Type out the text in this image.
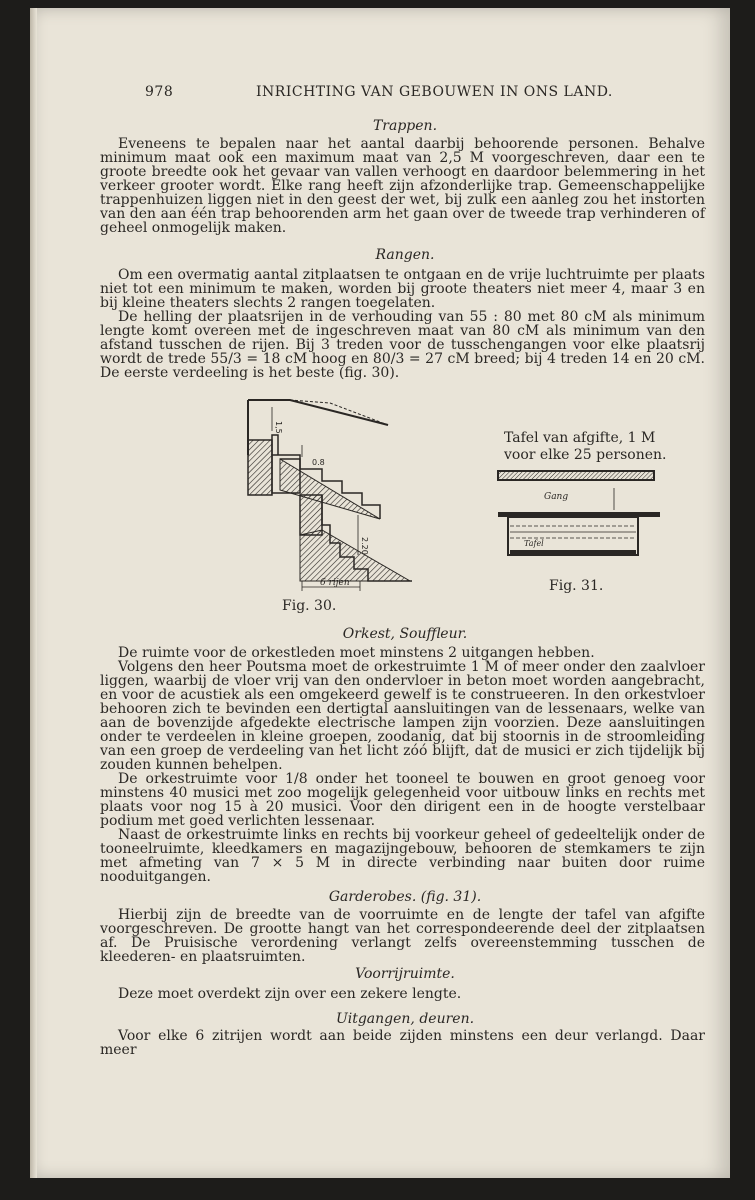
978	INRICHTING VAN GEBOUWEN IN ONS LAND.
Trappen.

Eveneens te bepalen naar het aantal daarbij behoorende personen. Behalve minimum maat ook een maximum maat van 2,5 M voorgeschreven, daar een te groote breedte ook het gevaar van vallen verhoogt en daardoor belemmering in het verkeer grooter wordt. Elke rang heeft zijn afzonderlijke trap. Gemeenschappelijke trappenhuizen liggen niet in den geest der wet, bij zulk een aanleg zou het instorten van den aan één trap behoorenden arm het gaan over de tweede trap verhinderen of geheel onmogelijk maken.

Rangen.

Om een overmatig aantal zitplaatsen te ontgaan en de vrije luchtruimte per plaats niet tot een minimum te maken, worden bij groote theaters niet meer 4, maar 3 en bij kleine theaters slechts 2 rangen toegelaten.

De helling der plaatsrijen in de verhouding van 55 : 80 met 80 cM als minimum lengte komt overeen met de ingeschreven maat van 80 cM als minimum van den afstand tusschen de rijen. Bij 3 treden voor de tusschengangen voor elke plaatsrij wordt de trede 55/3 = 18 cM hoog en 80/3 = 27 cM breed; bij 4 treden 14 en 20 cM. De eerste verdeeling is het beste (fig. 30).

0.8
2.20
1,5
6 rijen
Fig. 30.
Tafel van afgifte, 1 M
voor elke 25 personen.
Gang
Tafel
Fig. 31.
Orkest, Souffleur.

De ruimte voor de orkestleden moet minstens 2 uitgangen hebben.

Volgens den heer Poutsma moet de orkestruimte 1 M of meer onder den zaalvloer liggen, waarbij de vloer vrij van den ondervloer in beton moet worden aangebracht, en voor de acustiek als een omgekeerd gewelf is te construeeren. In den orkestvloer behooren zich te bevinden een dertigtal aansluitingen van de lessenaars, welke van aan de bovenzijde afgedekte electrische lampen zijn voorzien. Deze aansluitingen onder te verdeelen in kleine groepen, zoodanig, dat bij stoornis in de stroomleiding van een groep de verdeeling van het licht zóó blijft, dat de musici er zich tijdelijk bij zouden kunnen behelpen.

De orkestruimte voor 1/8 onder het tooneel te bouwen en groot genoeg voor minstens 40 musici met zoo mogelijk gelegenheid voor uitbouw links en rechts met plaats voor nog 15 à 20 musici. Voor den dirigent een in de hoogte verstelbaar podium met goed verlichten lessenaar.

Naast de orkestruimte links en rechts bij voorkeur geheel of gedeeltelijk onder de tooneelruimte, kleedkamers en magazijngebouw, behooren de stemkamers te zijn met afmeting van 7 × 5 M in directe verbinding naar buiten door ruime nooduitgangen.

Garderobes. (fig. 31).

Hierbij zijn de breedte van de voorruimte en de lengte der tafel van afgifte voorgeschreven. De grootte hangt van het correspondeerende deel der zitplaatsen af. De Pruisische verordening verlangt zelfs overeenstemming tusschen de kleederen- en plaatsruimten.

Voorrijruimte.

Deze moet overdekt zijn over een zekere lengte.

Uitgangen, deuren.

Voor elke 6 zitrijen wordt aan beide zijden minstens een deur verlangd. Daar meer
